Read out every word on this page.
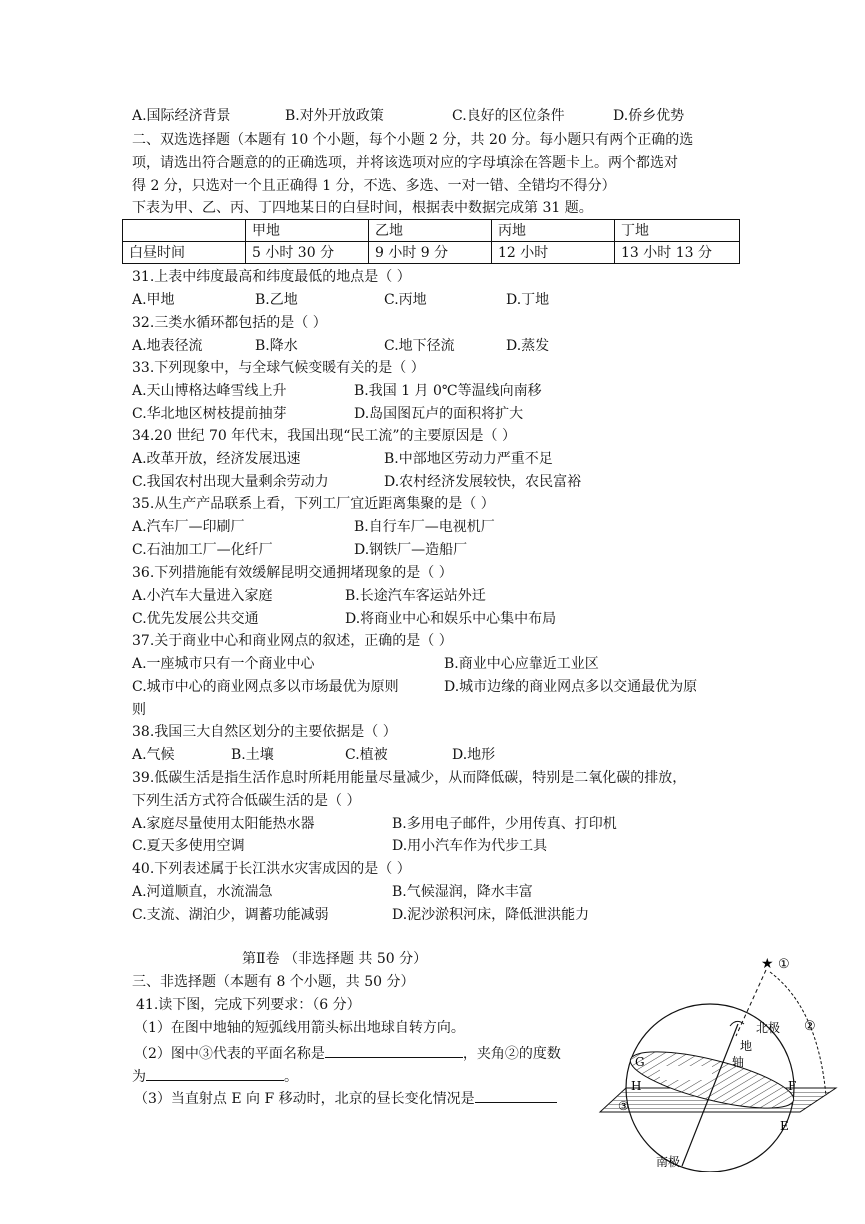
A.国际经济背景	B.对外开放政策	C.良好的区位条件	D.侨乡优势
二、双选选择题（本题有 10 个小题，每个小题 2 分，共 20 分。每小题只有两个正确的选
项，请选出符合题意的的正确选项，并将该选项对应的字母填涂在答题卡上。两个都选对
得 2 分，只选对一个且正确得 1 分，不选、多选、一对一错、全错均不得分）
下表为甲、乙、丙、丁四地某日的白昼时间，根据表中数据完成第 31 题。
	甲地	乙地	丙地	丁地
白昼时间	5 小时 30 分	9 小时 9 分	12 小时	13 小时 13 分
31.上表中纬度最高和纬度最低的地点是（ ）
A.甲地	B.乙地	C.丙地	D.丁地
32.三类水循环都包括的是（ ）
A.地表径流	B.降水	C.地下径流	D.蒸发
33.下列现象中，与全球气候变暖有关的是（ ）
A.天山博格达峰雪线上升	B.我国 1 月 0℃等温线向南移
C.华北地区树枝提前抽芽	D.岛国图瓦卢的面积将扩大
34.20 世纪 70 年代末，我国出现“民工流”的主要原因是（ ）
A.改革开放，经济发展迅速	B.中部地区劳动力严重不足
C.我国农村出现大量剩余劳动力	D.农村经济发展较快，农民富裕
35.从生产产品联系上看，下列工厂宜近距离集聚的是（ ）
A.汽车厂—印刷厂	B.自行车厂—电视机厂
C.石油加工厂—化纤厂	D.钢铁厂—造船厂
36.下列措施能有效缓解昆明交通拥堵现象的是（ ）
A.小汽车大量进入家庭	B.长途汽车客运站外迁
C.优先发展公共交通	D.将商业中心和娱乐中心集中布局
37.关于商业中心和商业网点的叙述，正确的是（ ）
A.一座城市只有一个商业中心	B.商业中心应靠近工业区
C.城市中心的商业网点多以市场最优为原则	D.城市边缘的商业网点多以交通最优为原
则
38.我国三大自然区划分的主要依据是（ ）
A.气候	B.土壤	C.植被	D.地形
39.低碳生活是指生活作息时所耗用能量尽量减少，从而降低碳，特别是二氧化碳的排放，
下列生活方式符合低碳生活的是（ ）
A.家庭尽量使用太阳能热水器	B.多用电子邮件，少用传真、打印机
C.夏天多使用空调	D.用小汽车作为代步工具
40.下列表述属于长江洪水灾害成因的是（ ）
A.河道顺直，水流湍急	B.气候湿润，降水丰富
C.支流、湖泊少，调蓄功能减弱	D.泥沙淤积河床，降低泄洪能力
第Ⅱ卷 （非选择题 共 50 分）
三、非选择题（本题有 8 个小题，共 50 分）
41.读下图，完成下列要求：（6 分）
（1）在图中地轴的短弧线用箭头标出地球自转方向。
（2）图中③代表的平面名称是	，夹角②的度数
为	。
（3）当直射点 E 向 F 移动时，北京的昼长变化情况是
★ ①
②
③
北极
地
轴
南极
G
H	F
E
